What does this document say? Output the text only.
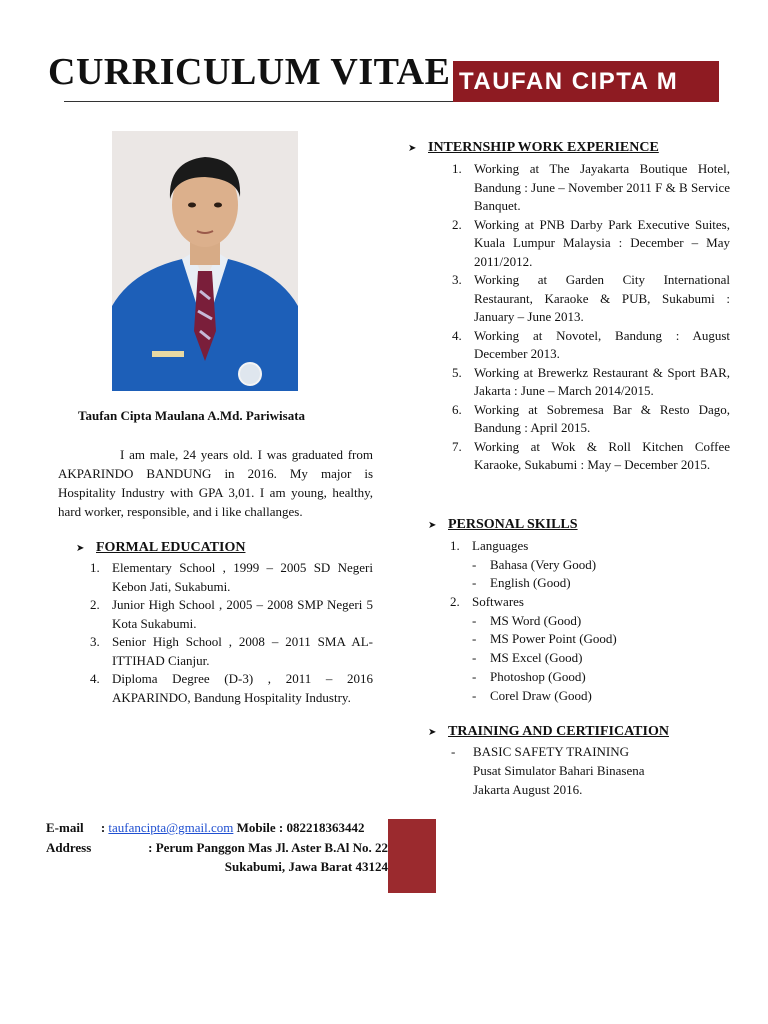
CURRICULUM VITAE TAUFAN CIPTA M
Taufan Cipta Maulana A.Md. Pariwisata
I am male, 24 years old. I was graduated from AKPARINDO BANDUNG in 2016. My major is Hospitality Industry with GPA 3,01. I am young, healthy, hard worker, responsible, and i like challanges.
➤ FORMAL EDUCATION
1. Elementary School , 1999 – 2005 SD Negeri Kebon Jati, Sukabumi.
2. Junior High School , 2005 – 2008 SMP Negeri 5 Kota Sukabumi.
3. Senior High School , 2008 – 2011 SMA AL-ITTIHAD Cianjur.
4. Diploma Degree (D-3) , 2011 – 2016 AKPARINDO, Bandung Hospitality Industry.
➤ INTERNSHIP WORK EXPERIENCE
1. Working at The Jayakarta Boutique Hotel, Bandung : June – November 2011 F & B Service Banquet.
2. Working at PNB Darby Park Executive Suites, Kuala Lumpur Malaysia : December – May 2011/2012.
3. Working at Garden City International Restaurant, Karaoke & PUB, Sukabumi : January – June 2013.
4. Working at Novotel, Bandung : August December 2013.
5. Working at Brewerkz Restaurant & Sport BAR, Jakarta : June – March 2014/2015.
6. Working at Sobremesa Bar & Resto Dago, Bandung : April 2015.
7. Working at Wok & Roll Kitchen Coffee Karaoke, Sukabumi : May – December 2015.
➤ PERSONAL SKILLS
1. Languages
-	Bahasa (Very Good)
-	English (Good)
2. Softwares
-	MS Word (Good)
-	MS Power Point (Good)
-	MS Excel (Good)
-	Photoshop (Good)
-	Corel Draw (Good)
➤ TRAINING AND CERTIFICATION
-	BASIC SAFETY TRAINING
Pusat Simulator Bahari Binasena
Jakarta August 2016.
E-mail : taufancipta@gmail.com Mobile : 082218363442
Address	: Perum Panggon Mas Jl. Aster B.Al No. 22
Sukabumi, Jawa Barat 43124
